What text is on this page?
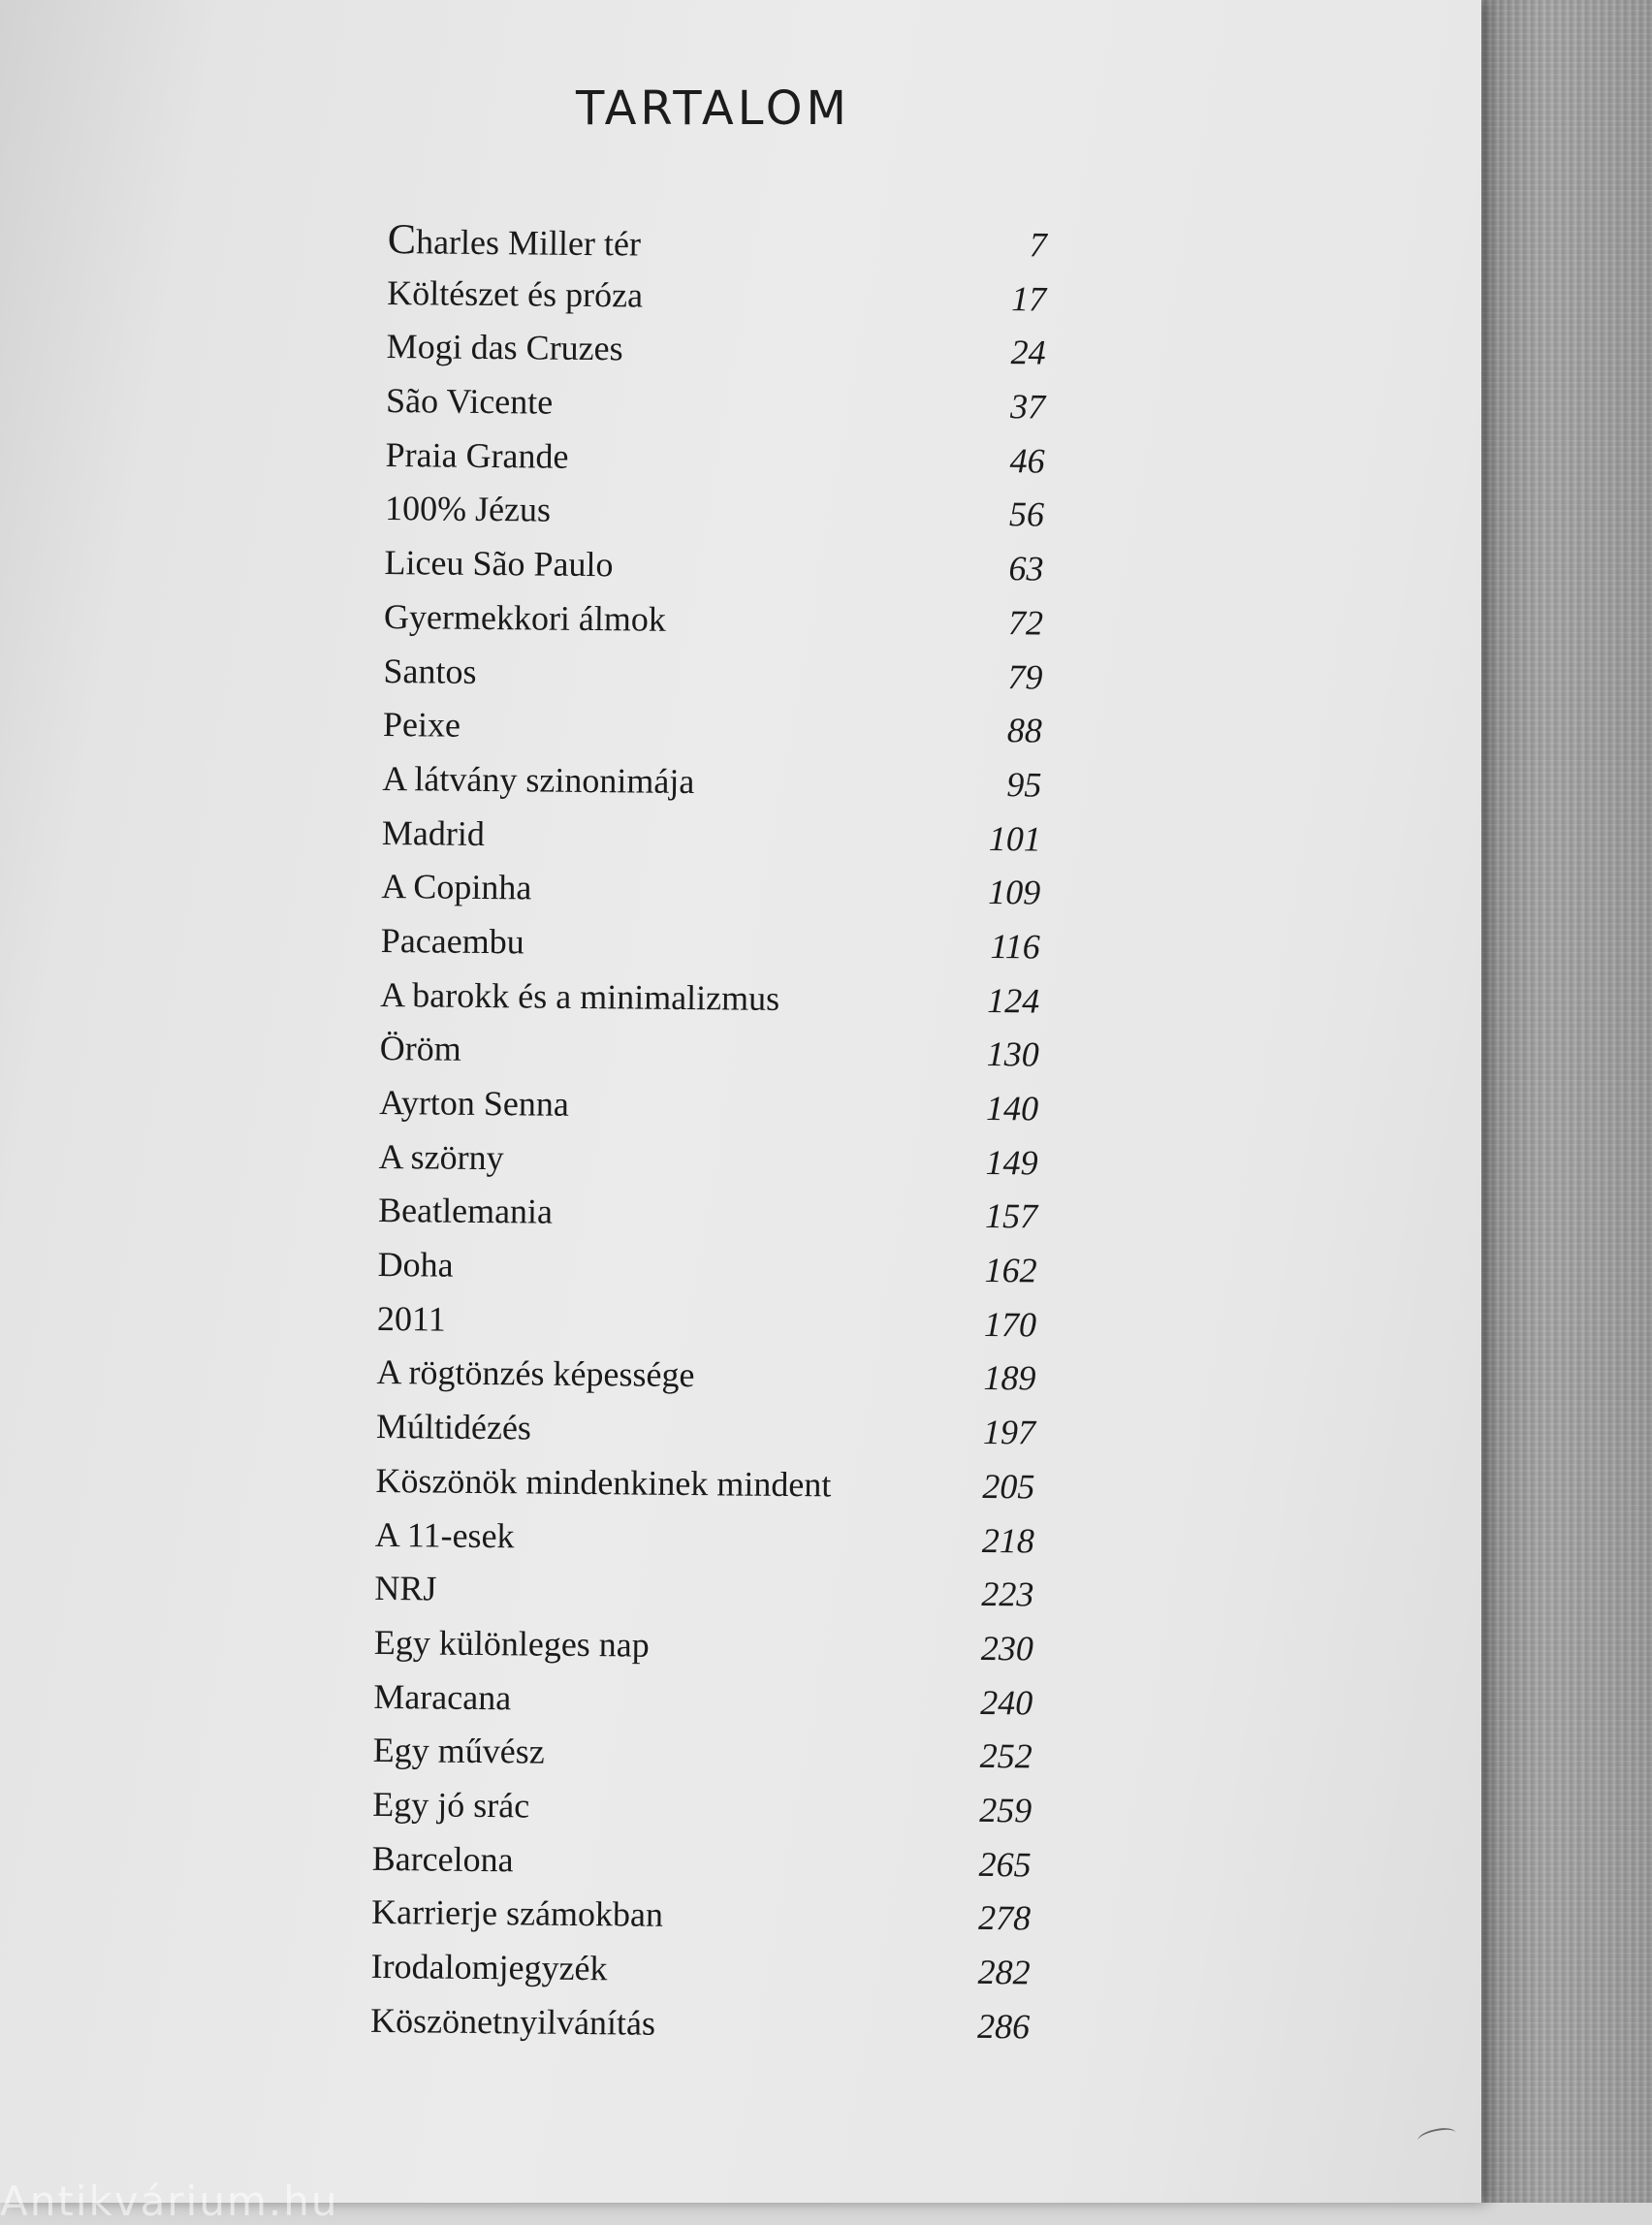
TARTALOM
Charles Miller tér	7
Költészet és próza	17
Mogi das Cruzes	24
São Vicente	37
Praia Grande	46
100% Jézus	56
Liceu São Paulo	63
Gyermekkori álmok	72
Santos	79
Peixe	88
A látvány szinonimája	95
Madrid	101
A Copinha	109
Pacaembu	116
A barokk és a minimalizmus	124
Öröm	130
Ayrton Senna	140
A szörny	149
Beatlemania	157
Doha	162
2011	170
A rögtönzés képessége	189
Múltidézés	197
Köszönök mindenkinek mindent	205
A 11-esek	218
NRJ	223
Egy különleges nap	230
Maracana	240
Egy művész	252
Egy jó srác	259
Barcelona	265
Karrierje számokban	278
Irodalomjegyzék	282
Köszönetnyilvánítás	286
Antikvárium.hu
